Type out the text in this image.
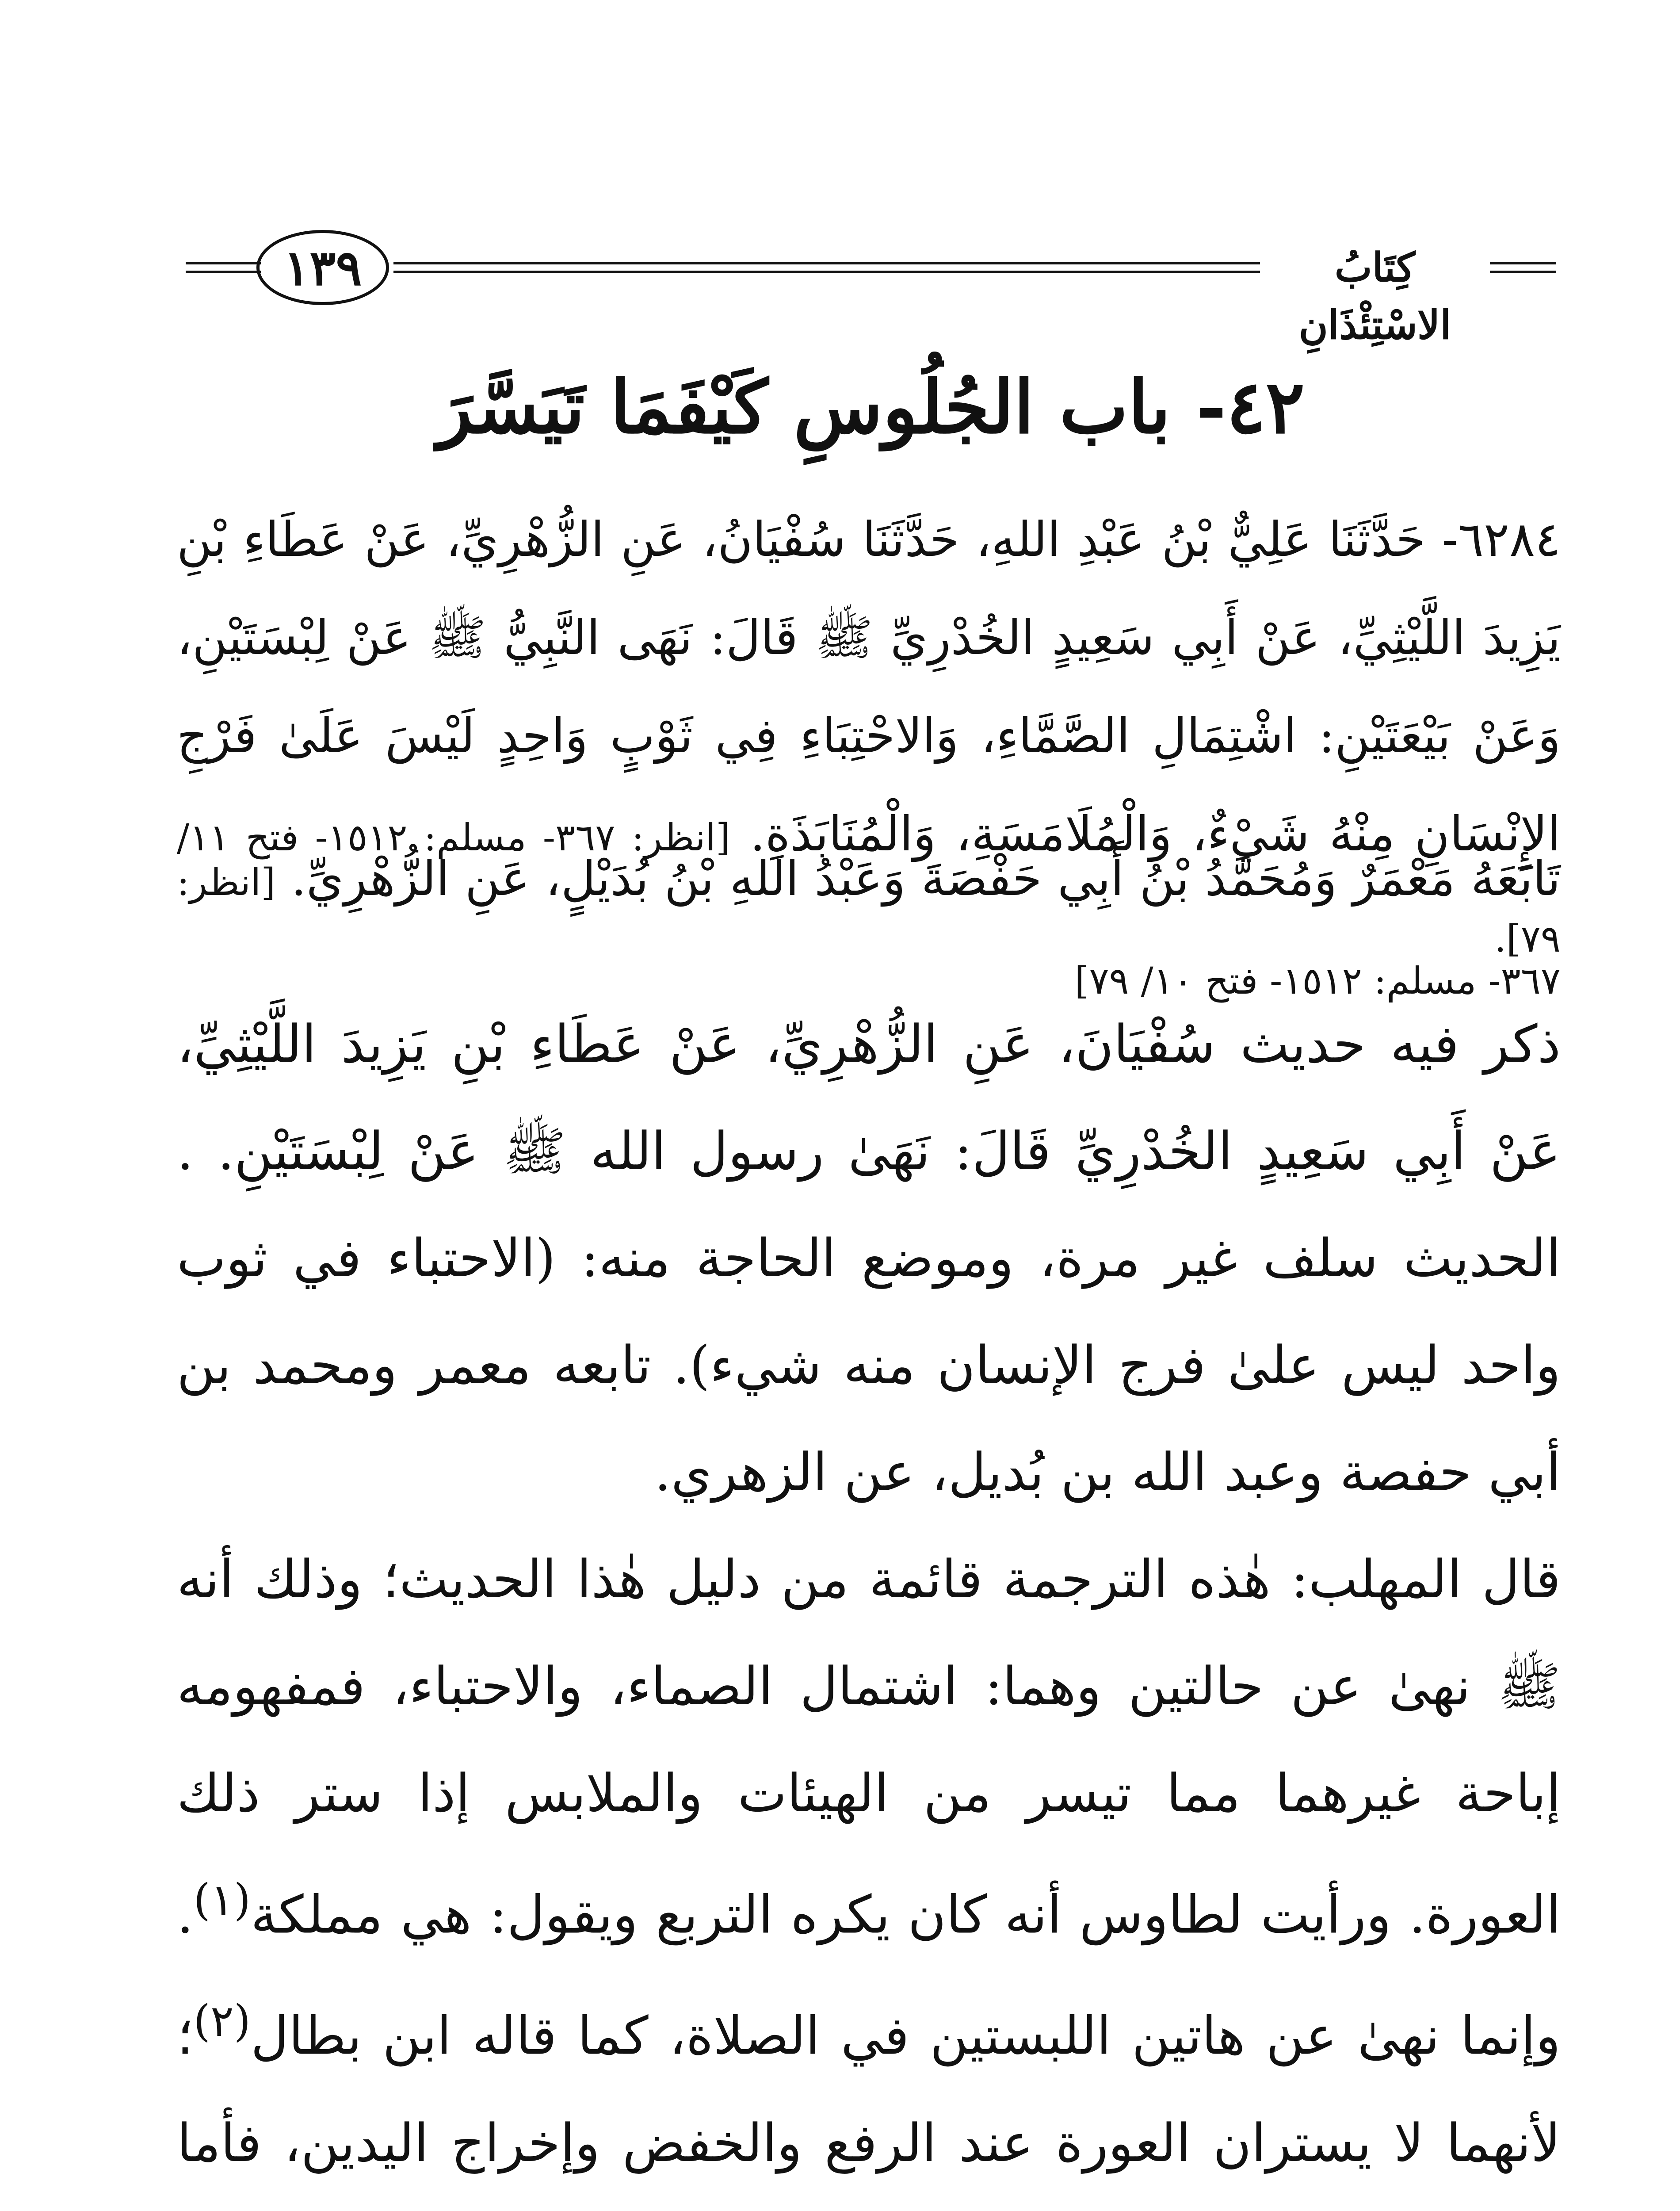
١٣٩	كِتَابُ الاسْتِئْذَانِ
٤٢- باب الجُلُوسِ كَيْفَمَا تَيَسَّرَ

٦٢٨٤- حَدَّثَنَا عَلِيٌّ بْنُ عَبْدِ اللهِ، حَدَّثَنَا سُفْيَانُ، عَنِ الزُّهْرِيِّ، عَنْ عَطَاءِ بْنِ يَزِيدَ اللَّيْثِيِّ، عَنْ أَبِي سَعِيدٍ الخُدْرِيِّ ﷺ قَالَ: نَهَى النَّبِيُّ ﷺ عَنْ لِبْسَتَيْنِ، وَعَنْ بَيْعَتَيْنِ: اشْتِمَالِ الصَّمَّاءِ، وَالاحْتِبَاءِ فِي ثَوْبٍ وَاحِدٍ لَيْسَ عَلَىٰ فَرْجِ الإِنْسَانِ مِنْهُ شَيْءٌ، وَالْمُلَامَسَةِ، وَالْمُنَابَذَةِ. [انظر: ٣٦٧- مسلم: ١٥١٢- فتح ١١/ ٧٩].

تَابَعَهُ مَعْمَرٌ وَمُحَمَّدُ بْنُ أَبِي حَفْصَةَ وَعَبْدُ اللهِ بْنُ بُدَيْلٍ، عَنِ الزُّهْرِيِّ. [انظر: ٣٦٧- مسلم: ١٥١٢- فتح ١٠/ ٧٩]

ذكر فيه حديث سُفْيَانَ، عَنِ الزُّهْرِيِّ، عَنْ عَطَاءِ بْنِ يَزِيدَ اللَّيْثِيِّ، عَنْ أَبِي سَعِيدٍ الخُدْرِيِّ قَالَ: نَهَىٰ رسول الله ﷺ عَنْ لِبْسَتَيْنِ. . الحديث سلف غير مرة، وموضع الحاجة منه: (الاحتباء في ثوب واحد ليس علىٰ فرج الإنسان منه شيء). تابعه معمر ومحمد بن أبي حفصة وعبد الله بن بُديل، عن الزهري.

قال المهلب: هٰذه الترجمة قائمة من دليل هٰذا الحديث؛ وذلك أنه ﷺ نهىٰ عن حالتين وهما: اشتمال الصماء، والاحتباء، فمفهومه إباحة غيرهما مما تيسر من الهيئات والملابس إذا ستر ذلك العورة. ورأيت لطاوس أنه كان يكره التربع ويقول: هي مملكة$^{(١)}$. وإنما نهىٰ عن هاتين اللبستين في الصلاة، كما قاله ابن بطال$^{(٢)}$؛ لأنهما لا يستران العورة عند الرفع والخفض وإخراج اليدين، فأما
